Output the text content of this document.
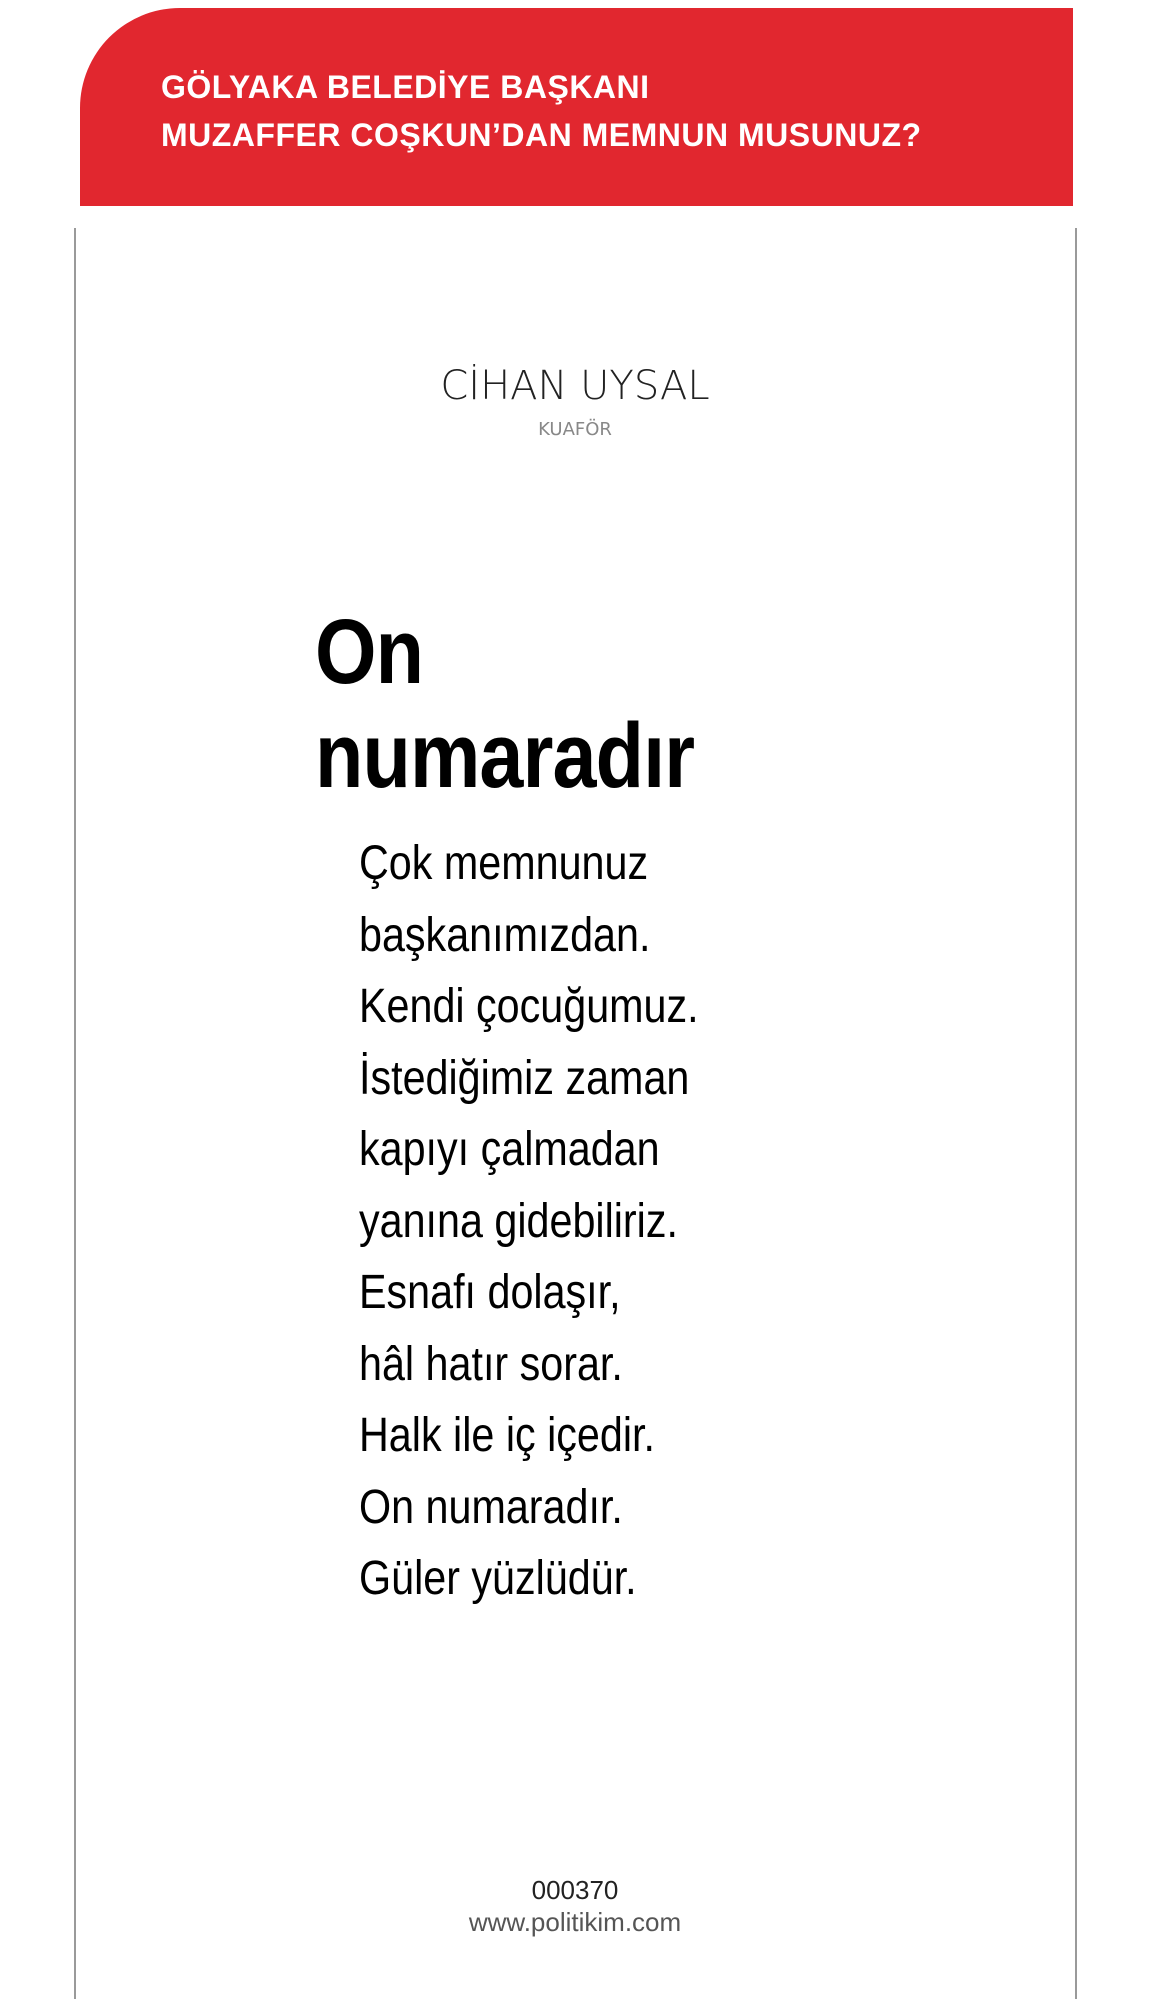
GÖLYAKA BELEDİYE BAŞKANI
MUZAFFER COŞKUN’DAN MEMNUN MUSUNUZ?
CİHAN UYSAL
KUAFÖR
On
numaradır
Çok memnunuz
başkanımızdan.
Kendi çocuğumuz.
İstediğimiz zaman
kapıyı çalmadan
yanına gidebiliriz.
Esnafı dolaşır,
hâl hatır sorar.
Halk ile iç içedir.
On numaradır.
Güler yüzlüdür.
000370
www.politikim.com
